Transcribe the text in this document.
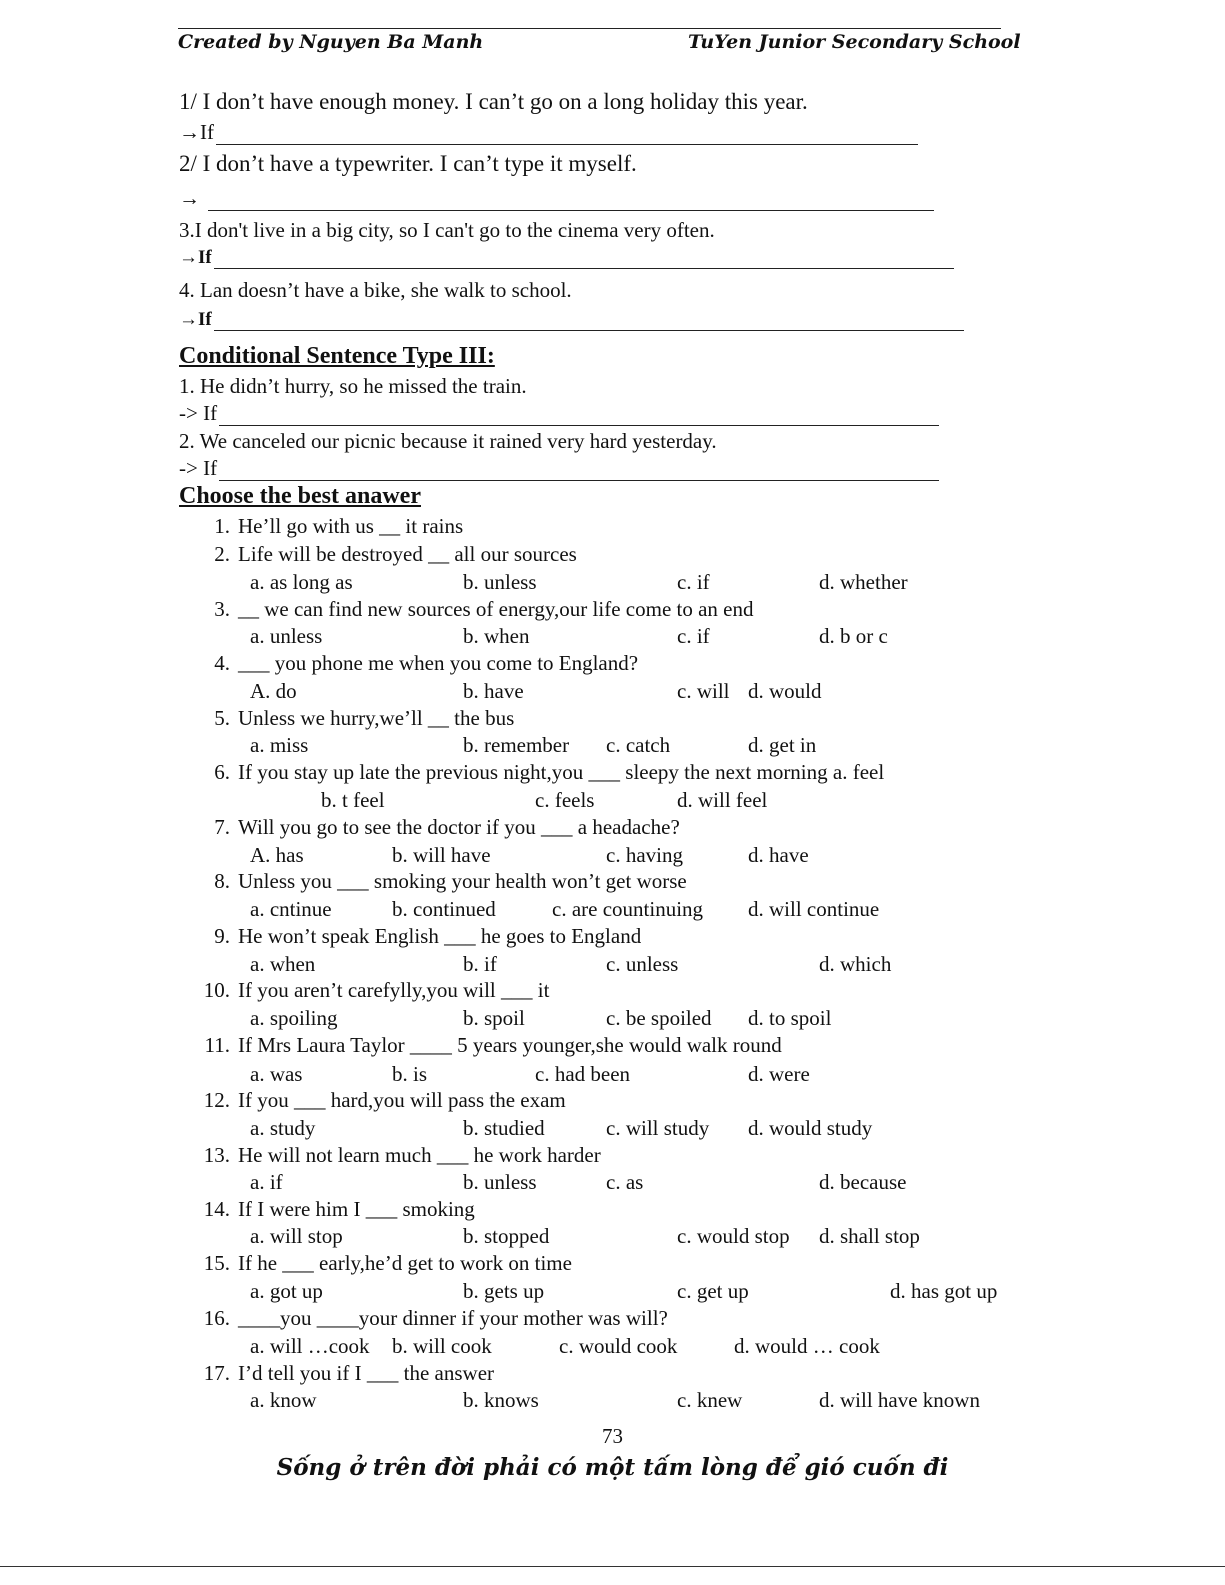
Created by Nguyen Ba Manh	TuYen Junior Secondary School
1/ I don’t have enough money. I can’t go on a long holiday this year.
→If
2/ I don’t have a typewriter. I can’t type it myself.
→
3.I don't live in a big city, so I can't go to the cinema very often.
→If
4. Lan doesn’t have a bike, she walk to school.
→If
Conditional Sentence Type III:
1. He didn’t hurry, so he missed the train.
-> If
2. We canceled our picnic because it rained very hard yesterday.
-> If
Choose the best anawer
1. He’ll go with us __ it rains
2. Life will be destroyed __ all our sources
a. as long as	b. unless	c. if	d. whether
3. __ we can find new sources of energy,our life come to an end
a. unless	b. when	c. if	d. b or c
4. ___ you phone me when you come to England?
A. do	b. have	c. will d. would
5. Unless we hurry,we’ll __ the bus
a. miss	b. remember c. catch	d. get in
6. If you stay up late the previous night,you ___ sleepy the next morning a. feel
b. t feel	c. feels	d. will feel
7. Will you go to see the doctor if you ___ a headache?
A. has	b. will have	c. having	d. have
8. Unless you ___ smoking your health won’t get worse
a. cntinue	b. continued	c. are countinuing d. will continue
9. He won’t speak English ___ he goes to England
a. when	b. if	c. unless	d. which
10. If you aren’t carefylly,you will ___ it
a. spoiling	b. spoil	c. be spoiled d. to spoil
11. If Mrs Laura Taylor ____ 5 years younger,she would walk round
a. was	b. is	c. had been	d. were
12. If you ___ hard,you will pass the exam
a. study	b. studied	c. will study d. would study
13. He will not learn much ___ he work harder
a. if	b. unless	c. as	d. because
14. If I were him I ___ smoking
a. will stop	b. stopped	c. would stop d. shall stop
15. If he ___ early,he’d get to work on time
a. got up	b. gets up	c. get up	d. has got up
16. ____you ____your dinner if your mother was will?
a. will …cook b. will cook	c. would cook	d. would … cook
17. I’d tell you if I ___ the answer
a. know	b. knows	c. knew	d. will have known
73
Sống ở trên đời phải có một tấm lòng để gió cuốn đi
